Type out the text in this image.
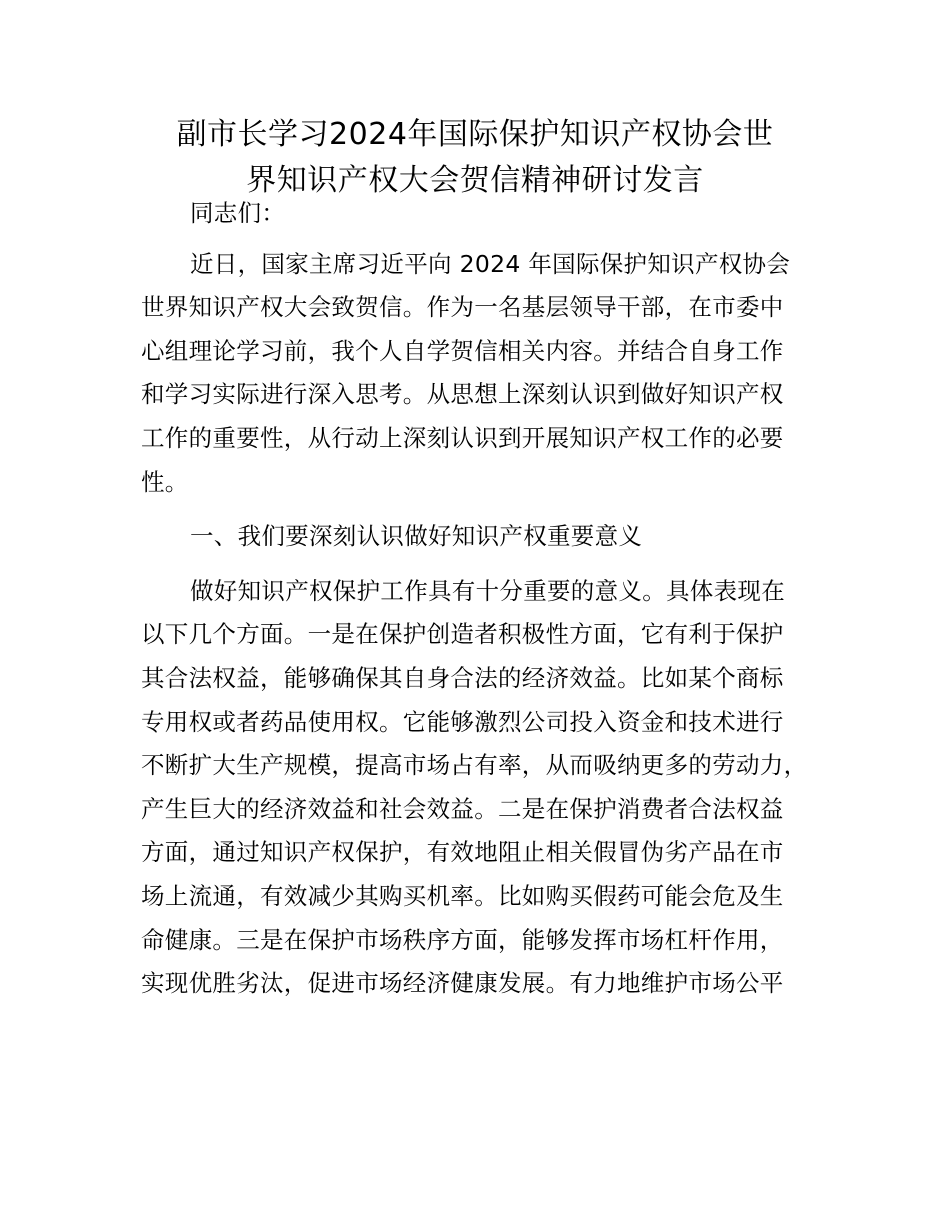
副市长学习2024年国际保护知识产权协会世
界知识产权大会贺信精神研讨发言
同志们：
近日，国家主席习近平向 2024 年国际保护知识产权协会
世界知识产权大会致贺信。作为一名基层领导干部，在市委中
心组理论学习前，我个人自学贺信相关内容。并结合自身工作
和学习实际进行深入思考。从思想上深刻认识到做好知识产权
工作的重要性，从行动上深刻认识到开展知识产权工作的必要
性。
一、我们要深刻认识做好知识产权重要意义
做好知识产权保护工作具有十分重要的意义。具体表现在
以下几个方面。一是在保护创造者积极性方面，它有利于保护
其合法权益，能够确保其自身合法的经济效益。比如某个商标
专用权或者药品使用权。它能够激烈公司投入资金和技术进行
不断扩大生产规模，提高市场占有率，从而吸纳更多的劳动力，
产生巨大的经济效益和社会效益。二是在保护消费者合法权益
方面，通过知识产权保护，有效地阻止相关假冒伪劣产品在市
场上流通，有效减少其购买机率。比如购买假药可能会危及生
命健康。三是在保护市场秩序方面，能够发挥市场杠杆作用，
实现优胜劣汰，促进市场经济健康发展。有力地维护市场公平
